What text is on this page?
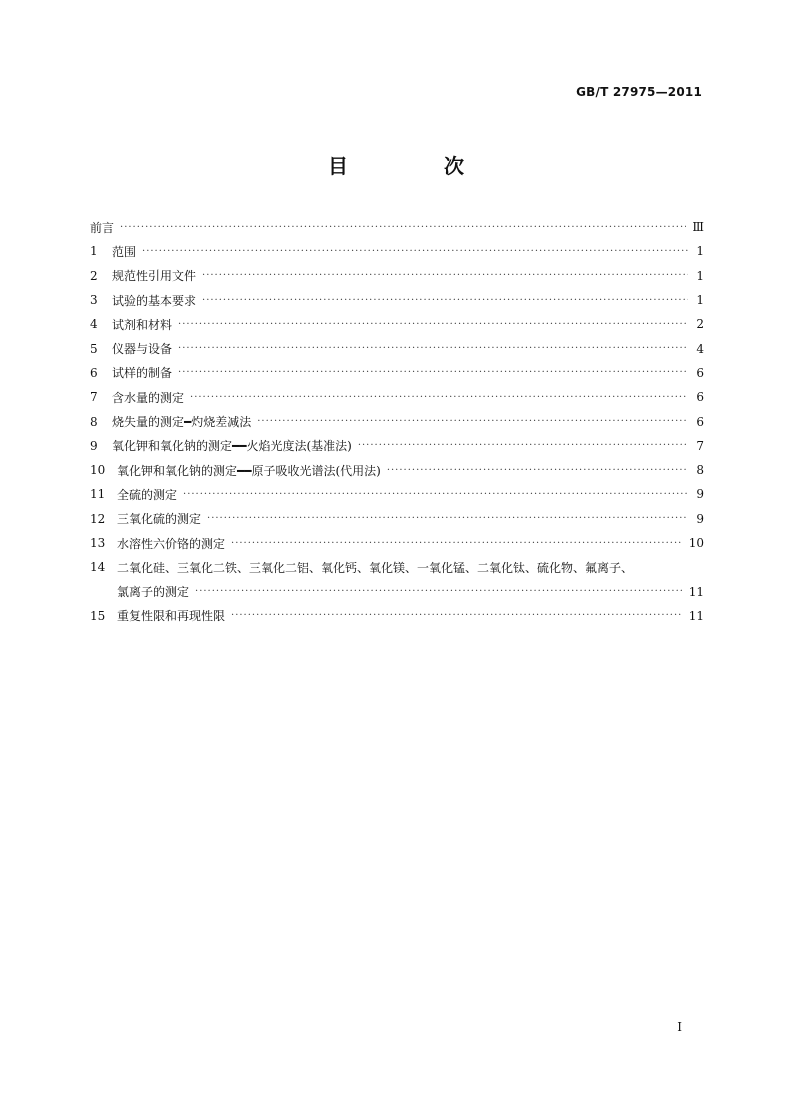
GB/T 27975—2011
目　次
前言 ·····	Ⅲ
1	范围 ·····	1
2	规范性引用文件 ·····	1
3	试验的基本要求 ·····	1
4	试剂和材料 ·····	2
5	仪器与设备 ·····	4
6	试样的制备 ·····	6
7	含水量的测定 ·····	6
8	烧失量的测定━灼烧差减法 ·····	6
9	氧化钾和氧化钠的测定━━火焰光度法(基准法) ·····	7
10 氧化钾和氧化钠的测定━━原子吸收光谱法(代用法) ·····	8
11 全硫的测定 ·····	9
12 三氧化硫的测定 ·····	9
13 水溶性六价铬的测定 ·····	10
14 二氧化硅、三氧化二铁、三氧化二铝、氧化钙、氧化镁、一氧化锰、二氧化钛、硫化物、氟离子、
氯离子的测定 ·····	11
15 重复性限和再现性限 ·····	11
I
